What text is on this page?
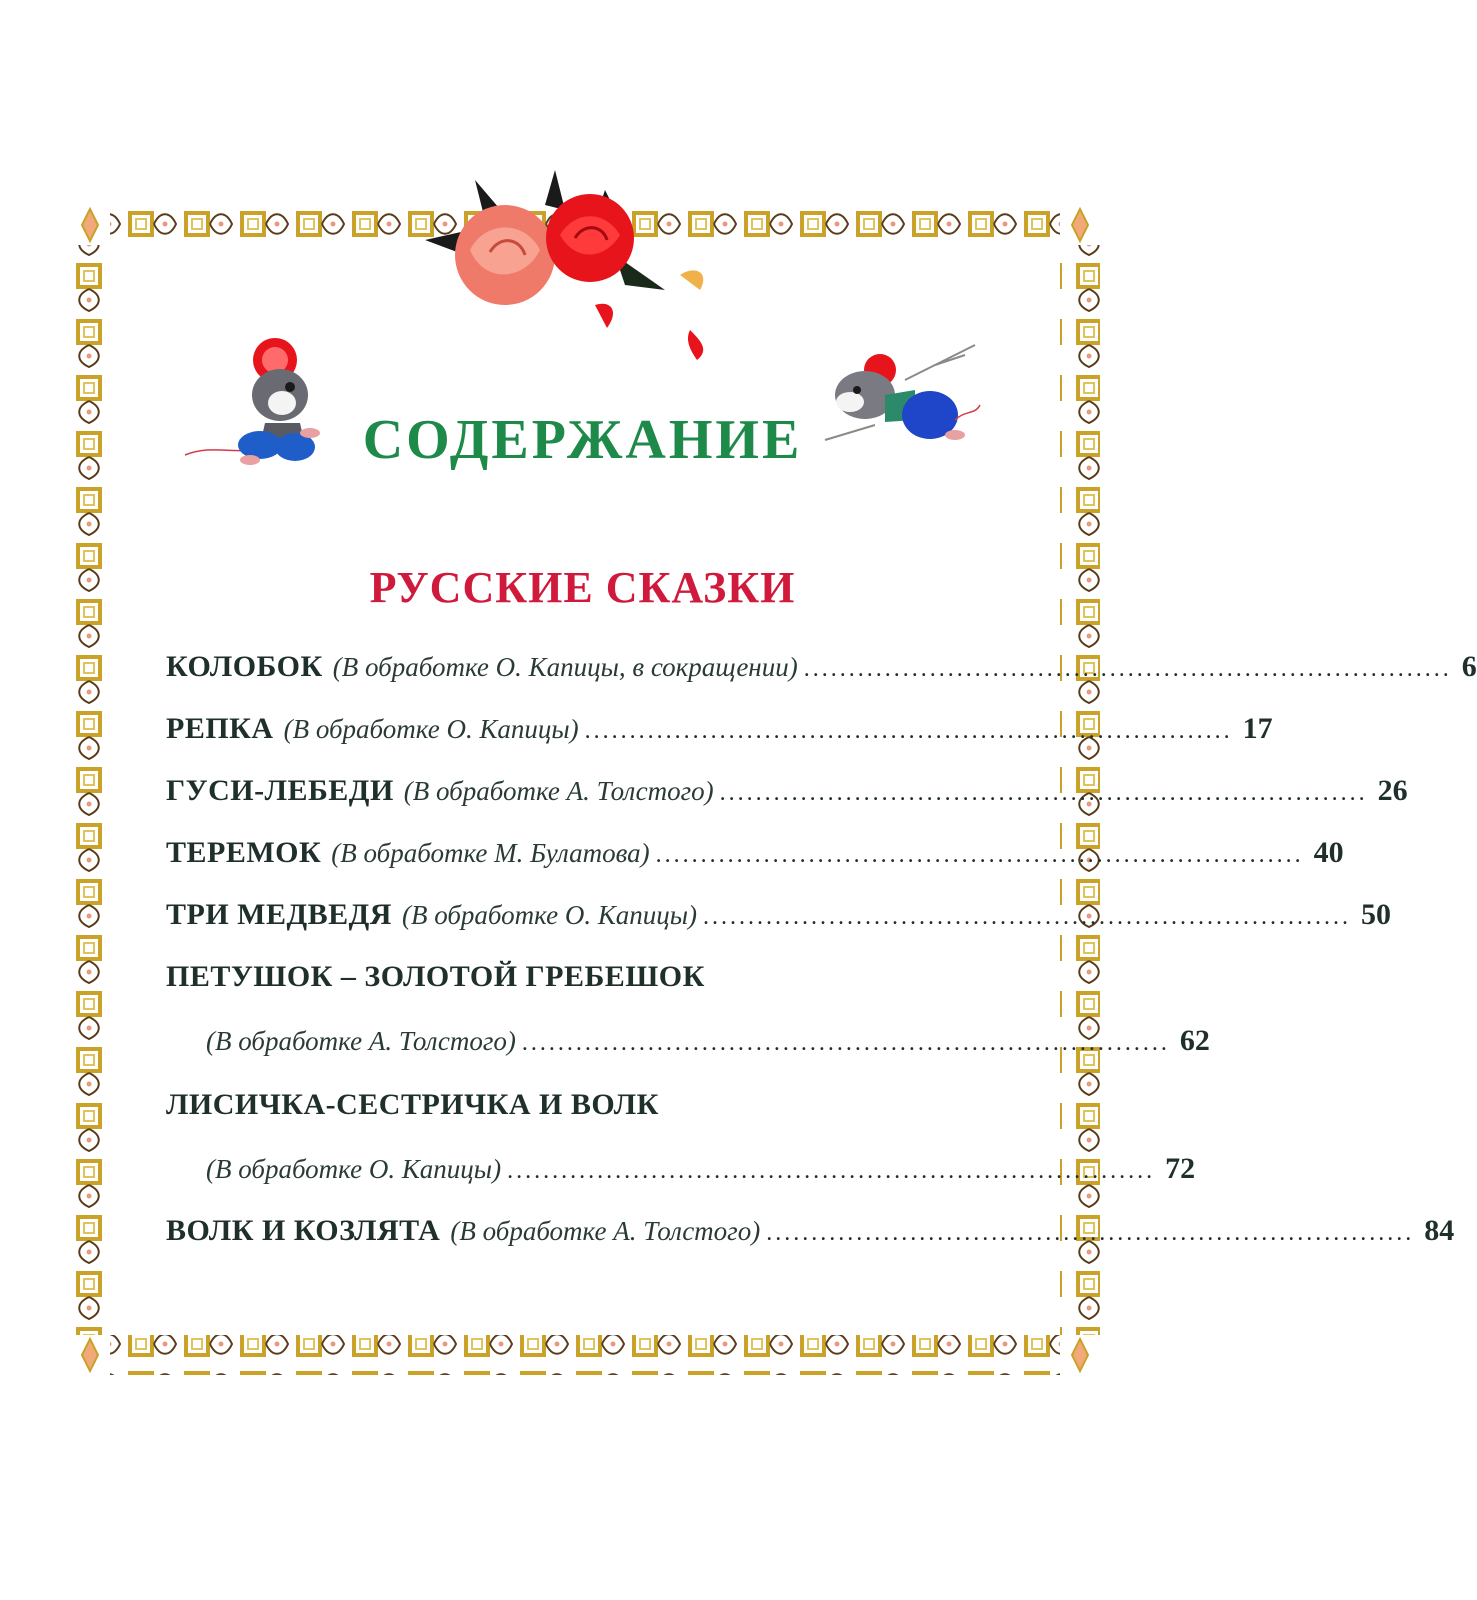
СОДЕРЖАНИЕ
РУССКИЕ СКАЗКИ
КОЛОБОК (В обработке О. Капицы, в сокращении) ........................................................................ 6
РЕПКА (В обработке О. Капицы) ........................................................................ 17
ГУСИ-ЛЕБЕДИ (В обработке А. Толстого) ........................................................................ 26
ТЕРЕМОК (В обработке М. Булатова) ........................................................................ 40
ТРИ МЕДВЕДЯ (В обработке О. Капицы) ........................................................................ 50
ПЕТУШОК – ЗОЛОТОЙ ГРЕБЕШОК
(В обработке А. Толстого) ........................................................................ 62
ЛИСИЧКА-СЕСТРИЧКА И ВОЛК
(В обработке О. Капицы) ........................................................................ 72
ВОЛК И КОЗЛЯТА (В обработке А. Толстого) ........................................................................ 84
